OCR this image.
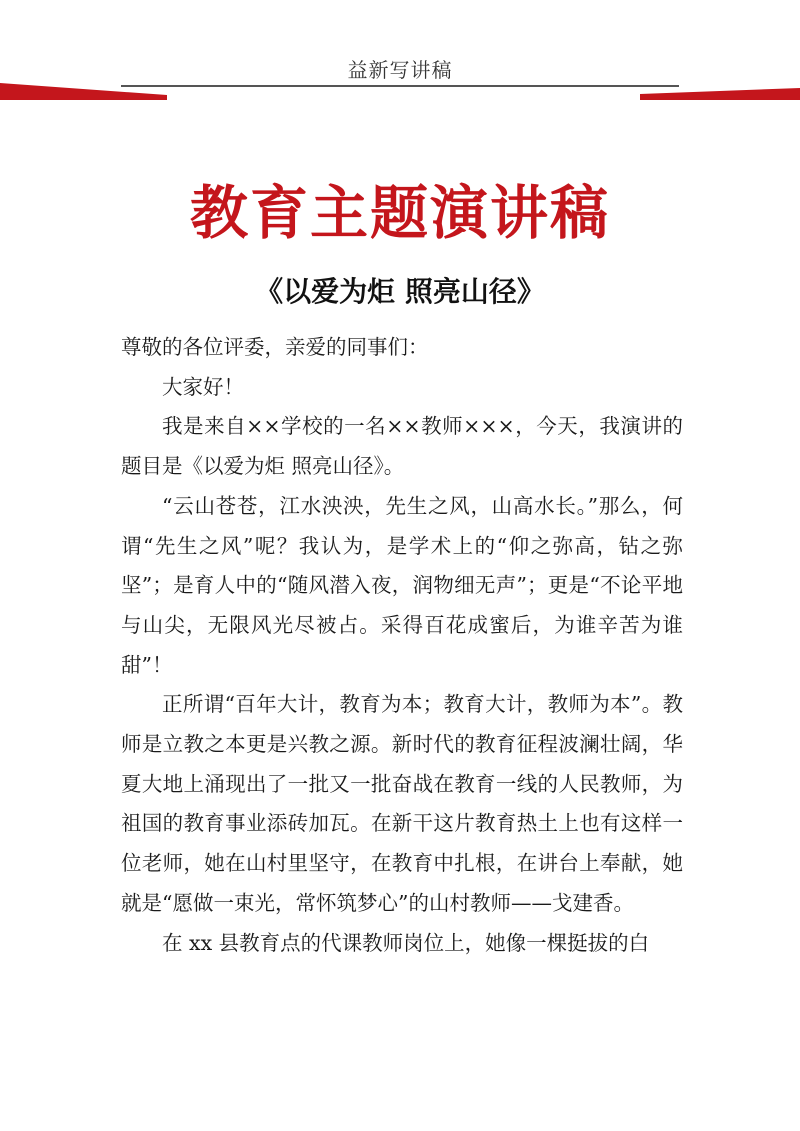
益新写讲稿
教育主题演讲稿
《以爱为炬 照亮山径》

尊敬的各位评委，亲爱的同事们：

大家好！

我是来自××学校的一名××教师×××，今天，我演讲的题目是《以爱为炬 照亮山径》。

“云山苍苍，江水泱泱，先生之风，山高水长。”那么，何谓“先生之风”呢？我认为，是学术上的“仰之弥高，钻之弥坚”；是育人中的“随风潜入夜，润物细无声”；更是“不论平地与山尖，无限风光尽被占。采得百花成蜜后，为谁辛苦为谁甜”！

正所谓“百年大计，教育为本；教育大计，教师为本”。教师是立教之本更是兴教之源。新时代的教育征程波澜壮阔，华夏大地上涌现出了一批又一批奋战在教育一线的人民教师，为祖国的教育事业添砖加瓦。在新干这片教育热土上也有这样一位老师，她在山村里坚守，在教育中扎根，在讲台上奉献，她就是“愿做一束光，常怀筑梦心”的山村教师——戈建香。

在 xx 县教育点的代课教师岗位上，她像一棵挺拔的白
